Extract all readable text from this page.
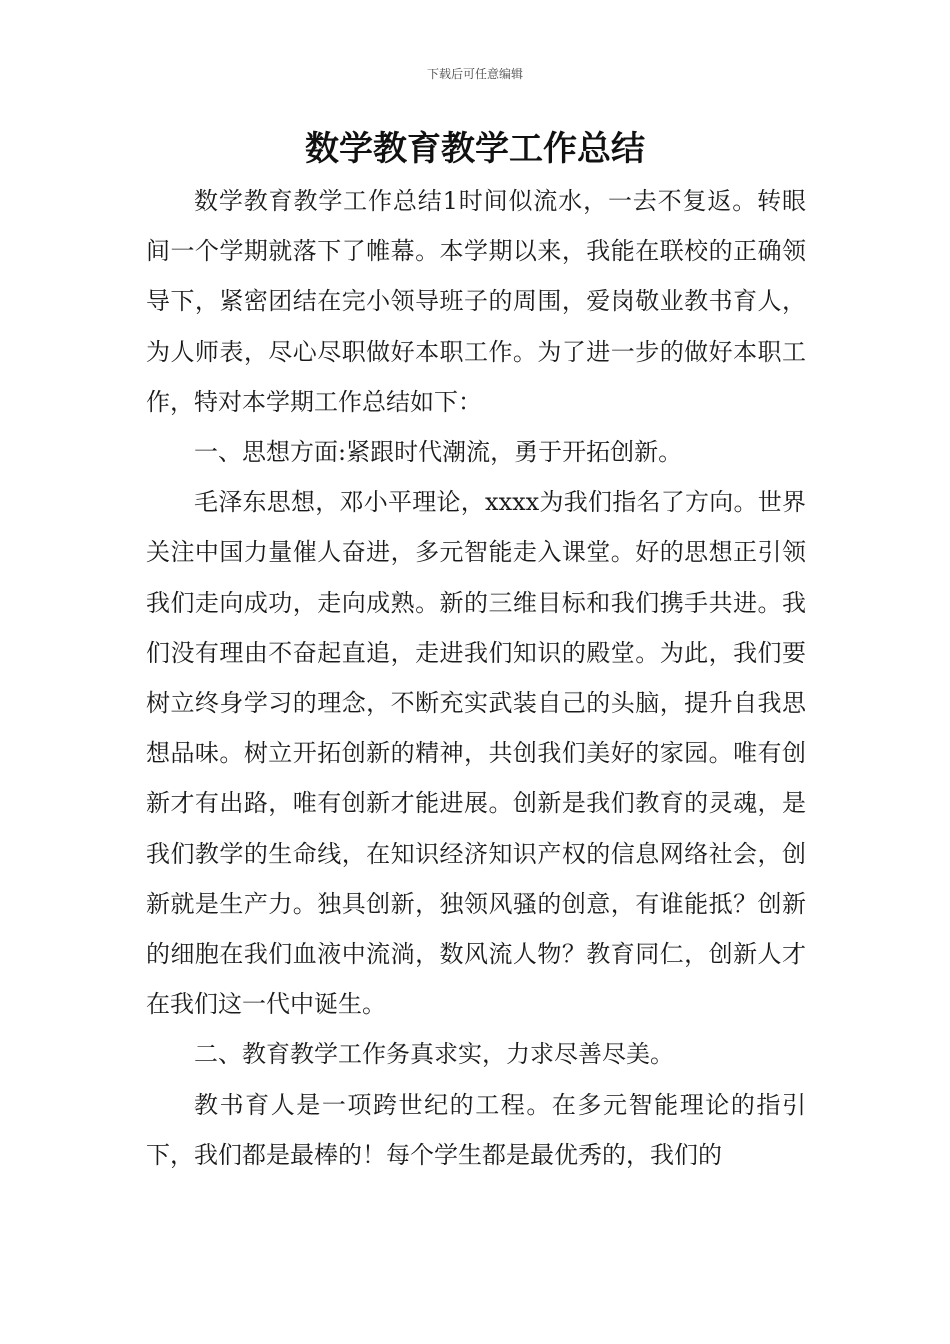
下载后可任意编辑
数学教育教学工作总结

数学教育教学工作总结1时间似流水，一去不复返。转眼间一个学期就落下了帷幕。本学期以来，我能在联校的正确领导下，紧密团结在完小领导班子的周围，爱岗敬业教书育人，为人师表，尽心尽职做好本职工作。为了进一步的做好本职工作，特对本学期工作总结如下：

一、思想方面:紧跟时代潮流，勇于开拓创新。

毛泽东思想，邓小平理论，xxxx为我们指名了方向。世界关注中国力量催人奋进，多元智能走入课堂。好的思想正引领我们走向成功，走向成熟。新的三维目标和我们携手共进。我们没有理由不奋起直追，走进我们知识的殿堂。为此，我们要树立终身学习的理念，不断充实武装自己的头脑，提升自我思想品味。树立开拓创新的精神，共创我们美好的家园。唯有创新才有出路，唯有创新才能进展。创新是我们教育的灵魂，是我们教学的生命线，在知识经济知识产权的信息网络社会，创新就是生产力。独具创新，独领风骚的创意，有谁能抵？创新的细胞在我们血液中流淌，数风流人物？教育同仁，创新人才在我们这一代中诞生。

二、教育教学工作务真求实，力求尽善尽美。

教书育人是一项跨世纪的工程。在多元智能理论的指引下，我们都是最棒的！每个学生都是最优秀的，我们的
